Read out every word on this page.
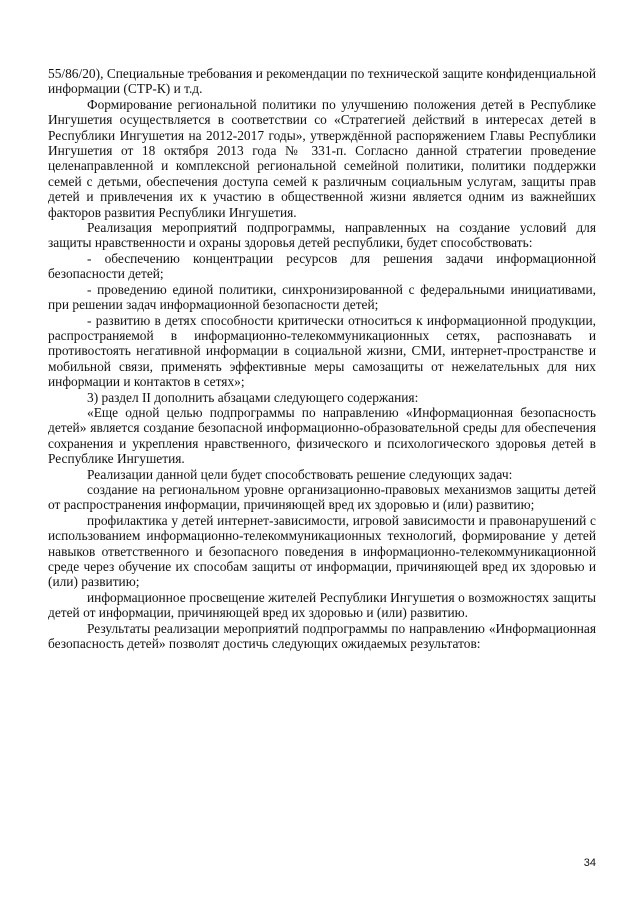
55/86/20), Специальные требования и рекомендации по технической защите конфиденциальной информации (СТР-К) и т.д.

Формирование региональной политики по улучшению положения детей в Республике Ингушетия осуществляется в соответствии со «Стратегией действий в интересах детей в Республики Ингушетия на 2012-2017 годы», утверждённой распоряжением Главы Республики Ингушетия от 18 октября 2013 года № 331-п. Согласно данной стратегии проведение целенаправленной и комплексной региональной семейной политики, политики поддержки семей с детьми, обеспечения доступа семей к различным социальным услугам, защиты прав детей и привлечения их к участию в общественной жизни является одним из важнейших факторов развития Республики Ингушетия.

Реализация мероприятий подпрограммы, направленных на создание условий для защиты нравственности и охраны здоровья детей республики, будет способствовать:

- обеспечению концентрации ресурсов для решения задачи информационной безопасности детей;

- проведению единой политики, синхронизированной с федеральными инициативами, при решении задач информационной безопасности детей;

- развитию в детях способности критически относиться к информационной продукции, распространяемой в информационно-телекоммуникационных сетях, распознавать и противостоять негативной информации в социальной жизни, СМИ, интернет-пространстве и мобильной связи, применять эффективные меры самозащиты от нежелательных для них информации и контактов в сетях»;

3) раздел II дополнить абзацами следующего содержания:

«Еще одной целью подпрограммы по направлению «Информационная безопасность детей» является создание безопасной информационно-образовательной среды для обеспечения сохранения и укрепления нравственного, физического и психологического здоровья детей в Республике Ингушетия.

Реализации данной цели будет способствовать решение следующих задач:

создание на региональном уровне организационно-правовых механизмов защиты детей от распространения информации, причиняющей вред их здоровью и (или) развитию;

профилактика у детей интернет-зависимости, игровой зависимости и правонарушений с использованием информационно-телекоммуникационных технологий, формирование у детей навыков ответственного и безопасного поведения в информационно-телекоммуникационной среде через обучение их способам защиты от информации, причиняющей вред их здоровью и (или) развитию;

информационное просвещение жителей Республики Ингушетия о возможностях защиты детей от информации, причиняющей вред их здоровью и (или) развитию.

Результаты реализации мероприятий подпрограммы по направлению «Информационная безопасность детей» позволят достичь следующих ожидаемых результатов:

34
